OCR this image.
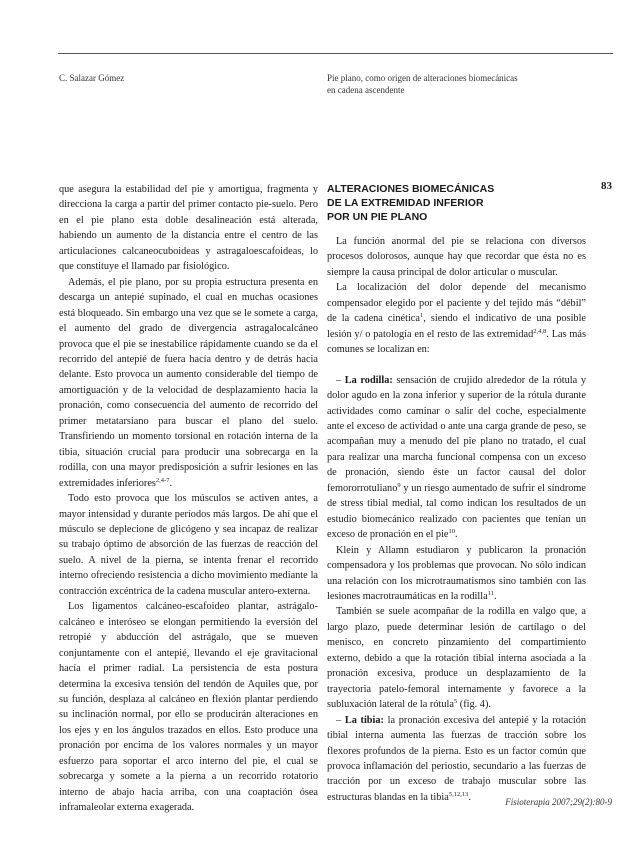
C. Salazar Gómez	Pie plano, como origen de alteraciones biomecánicas
en cadena ascendente
83

que asegura la estabilidad del pie y amortigua, fragmenta y direcciona la carga a partir del primer contacto pie-suelo. Pero en el pie plano esta doble desalineación está alterada, habiendo un aumento de la distancia entre el centro de las articulaciones calcaneocuboideas y astragaloescafoideas, lo que constituye el llamado par fisiológico.

Además, el pie plano, por su propia estructura presenta en descarga un antepié supinado, el cual en muchas ocasiones está bloqueado. Sin embargo una vez que se le somete a carga, el aumento del grado de divergencia astragalocalcáneo provoca que el pie se inestabilice rápidamente cuando se da el recorrido del antepié de fuera hacía dentro y de detrás hacia delante. Esto provoca un aumento considerable del tiempo de amortiguación y de la velocidad de desplazamiento hacia la pronación, como consecuencia del aumento de recorrido del primer metatarsiano para buscar el plano del suelo. Transfiriendo un momento torsional en rotación interna de la tibia, situación crucial para producir una sobrecarga en la rodilla, con una mayor predisposición a sufrir lesiones en las extremidades inferiores$^{2,4-7}$.

Todo esto provoca que los músculos se activen antes, a mayor intensidad y durante períodos más largos. De ahí que el músculo se deplecione de glicógeno y sea incapaz de realizar su trabajo óptimo de absorción de las fuerzas de reacción del suelo. A nivel de la pierna, se intenta frenar el recorrido interno ofreciendo resistencia a dicho movimiento mediante la contracción excéntrica de la cadena muscular antero-externa.

Los ligamentos calcáneo-escafoideo plantar, astrágalo-calcáneo e interóseo se elongan permitiendo la eversión del retropié y abducción del astrágalo, que se mueven conjuntamente con el antepié, llevando el eje gravitacional hacía el primer radial. La persistencia de esta postura determina la excesiva tensión del tendón de Aquiles que, por su función, desplaza al calcáneo en flexión plantar perdiendo su inclinación normal, por ello se producirán alteraciones en los ejes y en los ángulos trazados en ellos. Esto produce una pronación por encima de los valores normales y un mayor esfuerzo para soportar el arco interno del pie, el cual se sobrecarga y somete a la pierna a un recorrido rotatorio interno de abajo hacia arriba, con una coaptación ósea inframaleolar externa exagerada.

ALTERACIONES BIOMECÁNICAS
DE LA EXTREMIDAD INFERIOR
POR UN PIE PLANO

La función anormal del pie se relaciona con diversos procesos dolorosos, aunque hay que recordar que ésta no es siempre la causa principal de dolor articular o muscular.

La localización del dolor depende del mecanismo compensador elegido por el paciente y del tejido más “débil” de la cadena cinética$^1$, siendo el indicativo de una posible lesión y/ o patología en el resto de las extremidad$^{2,4,8}$. Las más comunes se localizan en:

– La rodilla: sensación de crujido alrededor de la rótula y dolor agudo en la zona inferior y superior de la rótula durante actividades como caminar o salir del coche, especialmente ante el exceso de actividad o ante una carga grande de peso, se acompañan muy a menudo del pie plano no tratado, el cual para realizar una marcha funcional compensa con un exceso de pronación, siendo éste un factor causal del dolor femororrotuliano$^9$ y un riesgo aumentado de sufrir el síndrome de stress tibial medial, tal como indican los resultados de un estudio biomecánico realizado con pacientes que tenían un exceso de pronación en el pie$^{10}$.

Klein y Allamn estudiaron y publicaron la pronación compensadora y los problemas que provocan. No sólo indican una relación con los microtraumatismos sino también con las lesiones macrotraumáticas en la rodilla$^{11}$.

También se suele acompañar de la rodilla en valgo que, a largo plazo, puede determinar lesión de cartílago o del menisco, en concreto pinzamiento del compartimiento externo, debido a que la rotación tibial interna asociada a la pronación excesiva, produce un desplazamiento de la trayectoria patelo-femoral internamente y favorece a la subluxación lateral de la rótula$^5$ (fig. 4).

– La tibia: la pronación excesiva del antepié y la rotación tibial interna aumenta las fuerzas de tracción sobre los flexores profundos de la pierna. Esto es un factor común que provoca inflamación del periostio, secundario a las fuerzas de tracción por un exceso de trabajo muscular sobre las estructuras blandas en la tibia$^{5,12,13}$.	Fisioterapia 2007;29(2):80-9
